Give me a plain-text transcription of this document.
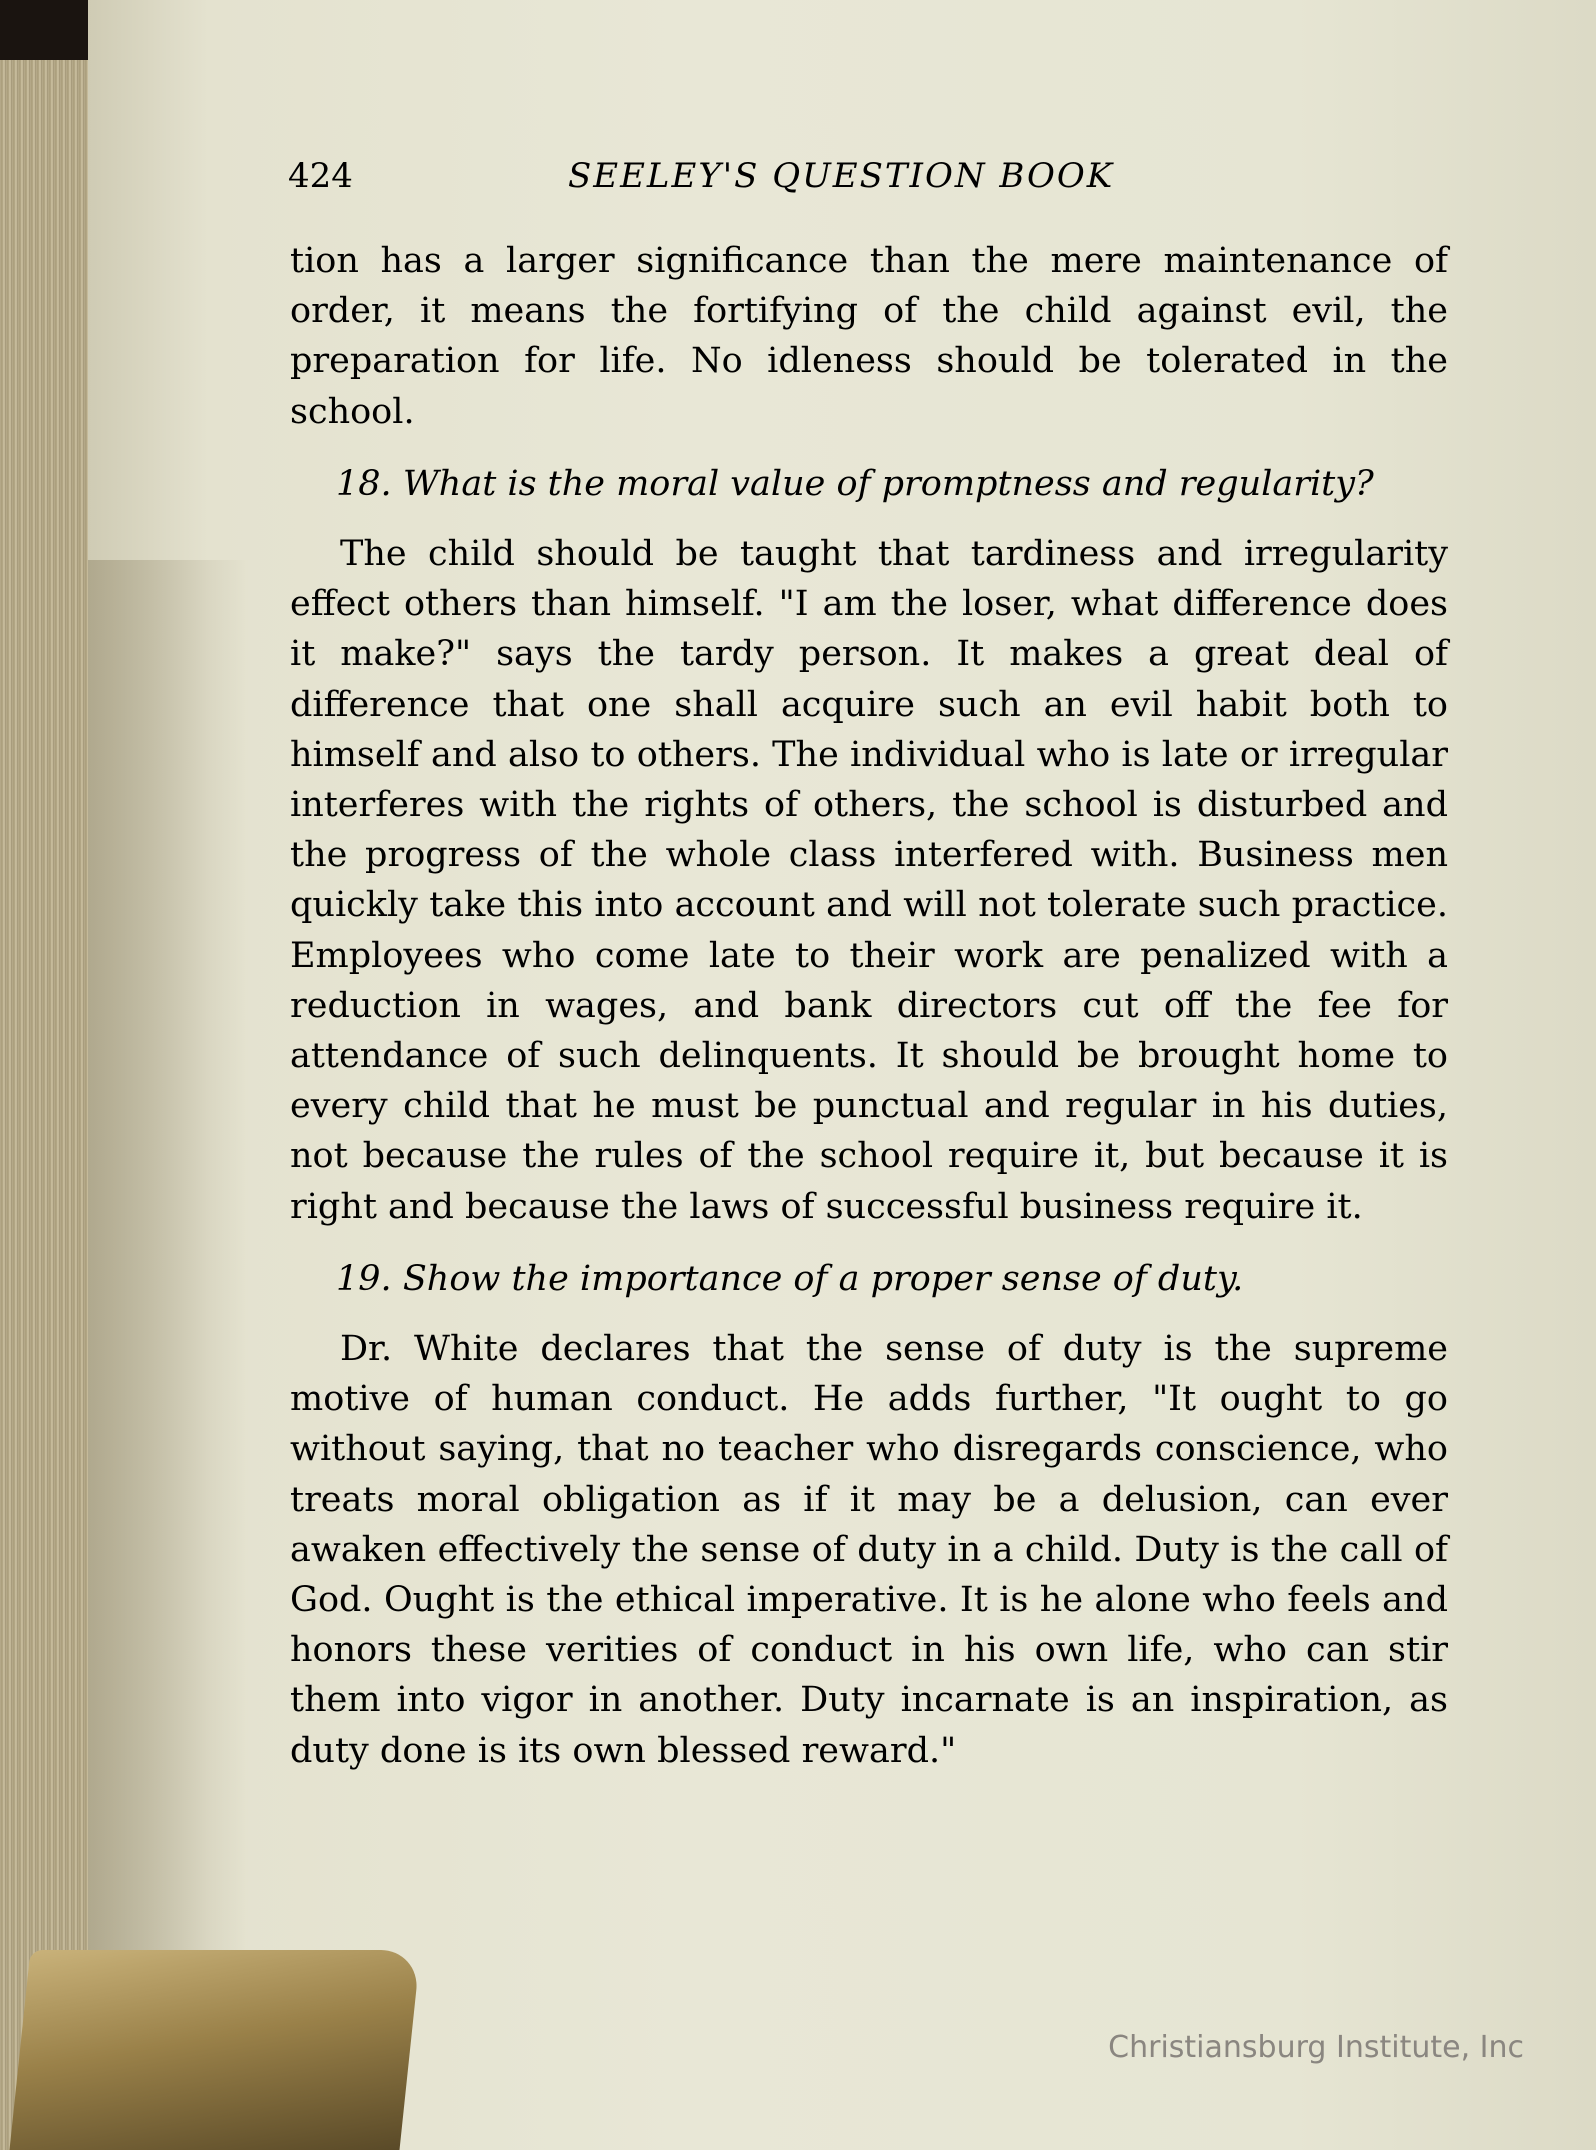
424	SEELEY'S QUESTION BOOK

tion has a larger significance than the mere maintenance of order, it means the fortifying of the child against evil, the preparation for life. No idleness should be tolerated in the school.

18. What is the moral value of promptness and regularity?

The child should be taught that tardiness and irregularity effect others than himself. "I am the loser, what difference does it make?" says the tardy person. It makes a great deal of difference that one shall acquire such an evil habit both to himself and also to others. The individual who is late or irregular interferes with the rights of others, the school is disturbed and the progress of the whole class interfered with. Business men quickly take this into account and will not tolerate such practice. Employees who come late to their work are penalized with a reduction in wages, and bank directors cut off the fee for attendance of such delinquents. It should be brought home to every child that he must be punctual and regular in his duties, not because the rules of the school require it, but because it is right and because the laws of successful business require it.

19. Show the importance of a proper sense of duty.

Dr. White declares that the sense of duty is the supreme motive of human conduct. He adds further, "It ought to go without saying, that no teacher who disregards conscience, who treats moral obligation as if it may be a delusion, can ever awaken effectively the sense of duty in a child. Duty is the call of God. Ought is the ethical imperative. It is he alone who feels and honors these verities of conduct in his own life, who can stir them into vigor in another. Duty incarnate is an inspiration, as duty done is its own blessed reward."

Christiansburg Institute, Inc
